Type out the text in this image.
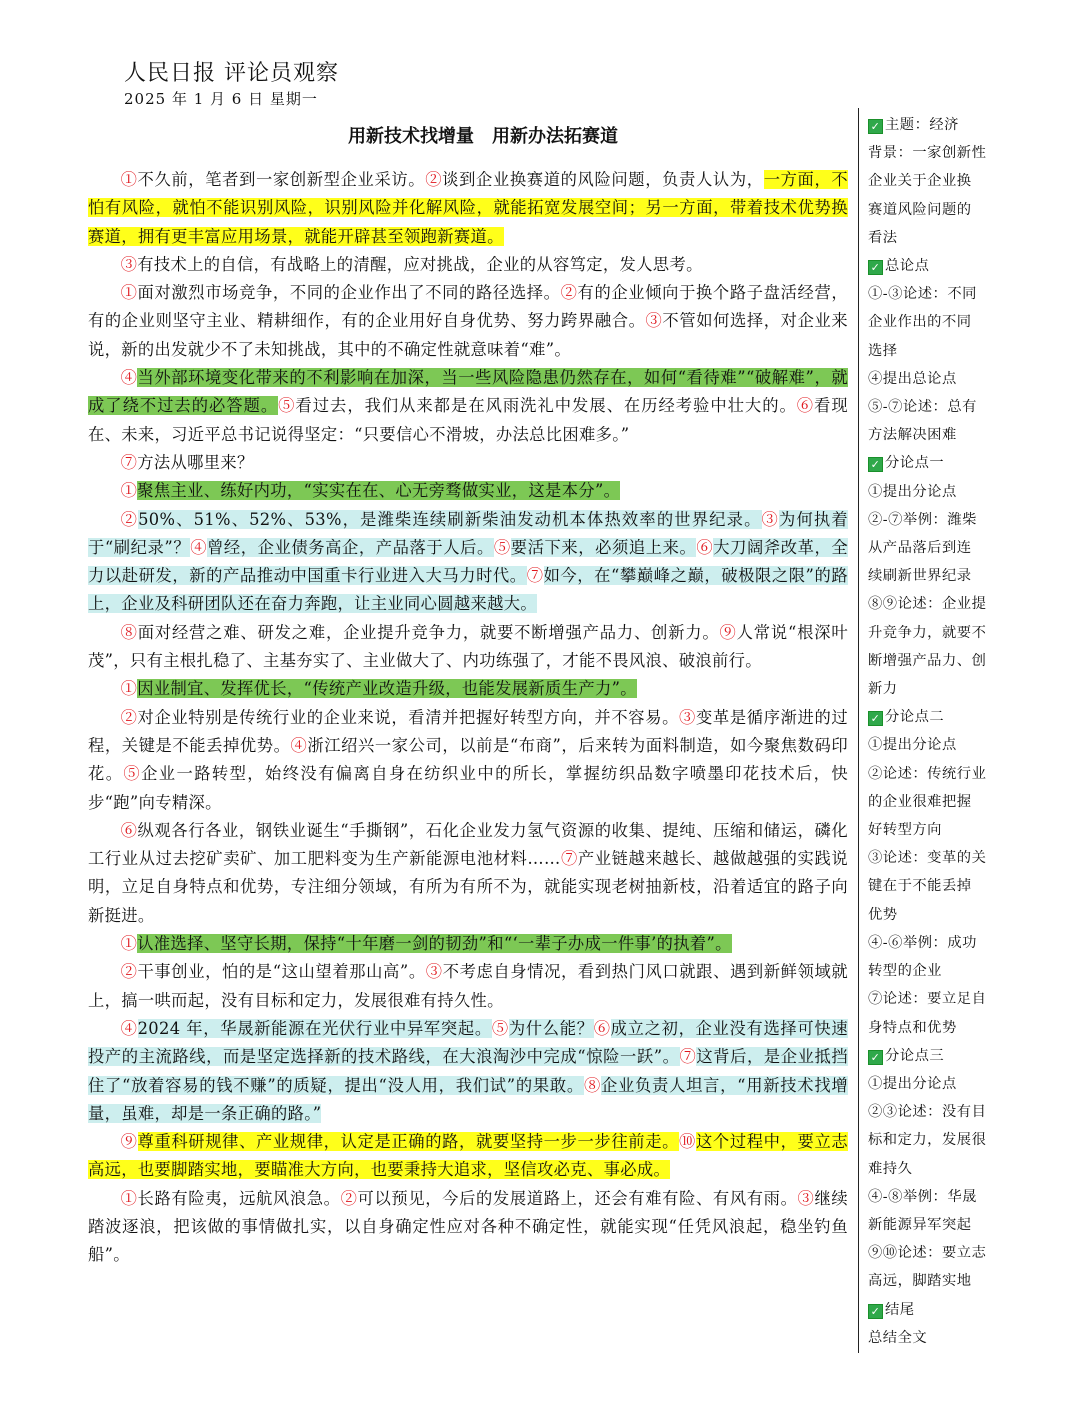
人民日报 评论员观察
2025 年 1 月 6 日 星期一
用新技术找增量　用新办法拓赛道

①不久前，笔者到一家创新型企业采访。②谈到企业换赛道的风险问题，负责人认为，一方面，不怕有风险，就怕不能识别风险，识别风险并化解风险，就能拓宽发展空间；另一方面，带着技术优势换赛道，拥有更丰富应用场景，就能开辟甚至领跑新赛道。

③有技术上的自信，有战略上的清醒，应对挑战，企业的从容笃定，发人思考。

①面对激烈市场竞争，不同的企业作出了不同的路径选择。②有的企业倾向于换个路子盘活经营，有的企业则坚守主业、精耕细作，有的企业用好自身优势、努力跨界融合。③不管如何选择，对企业来说，新的出发就少不了未知挑战，其中的不确定性就意味着“难”。

④当外部环境变化带来的不利影响在加深，当一些风险隐患仍然存在，如何“看待难”“破解难”，就成了绕不过去的必答题。⑤看过去，我们从来都是在风雨洗礼中发展、在历经考验中壮大的。⑥看现在、未来，习近平总书记说得坚定：“只要信心不滑坡，办法总比困难多。”

⑦方法从哪里来？

①聚焦主业、练好内功，“实实在在、心无旁骛做实业，这是本分”。

②50%、51%、52%、53%，是潍柴连续刷新柴油发动机本体热效率的世界纪录。③为何执着于“刷纪录”？④曾经，企业债务高企，产品落于人后。⑤要活下来，必须追上来。⑥大刀阔斧改革，全力以赴研发，新的产品推动中国重卡行业进入大马力时代。⑦如今，在“攀巅峰之巅，破极限之限”的路上，企业及科研团队还在奋力奔跑，让主业同心圆越来越大。

⑧面对经营之难、研发之难，企业提升竞争力，就要不断增强产品力、创新力。⑨人常说“根深叶茂”，只有主根扎稳了、主基夯实了、主业做大了、内功练强了，才能不畏风浪、破浪前行。

①因业制宜、发挥优长，“传统产业改造升级，也能发展新质生产力”。

②对企业特别是传统行业的企业来说，看清并把握好转型方向，并不容易。③变革是循序渐进的过程，关键是不能丢掉优势。④浙江绍兴一家公司，以前是“布商”，后来转为面料制造，如今聚焦数码印花。⑤企业一路转型，始终没有偏离自身在纺织业中的所长，掌握纺织品数字喷墨印花技术后，快步“跑”向专精深。

⑥纵观各行各业，钢铁业诞生“手撕钢”，石化企业发力氢气资源的收集、提纯、压缩和储运，磷化工行业从过去挖矿卖矿、加工肥料变为生产新能源电池材料……⑦产业链越来越长、越做越强的实践说明，立足自身特点和优势，专注细分领域，有所为有所不为，就能实现老树抽新枝，沿着适宜的路子向新挺进。

①认准选择、坚守长期，保持“十年磨一剑的韧劲”和“‘一辈子办成一件事’的执着”。

②干事创业，怕的是“这山望着那山高”。③不考虑自身情况，看到热门风口就跟、遇到新鲜领域就上，搞一哄而起，没有目标和定力，发展很难有持久性。

④2024 年，华晟新能源在光伏行业中异军突起。⑤为什么能？⑥成立之初，企业没有选择可快速投产的主流路线，而是坚定选择新的技术路线，在大浪淘沙中完成“惊险一跃”。⑦这背后，是企业抵挡住了“放着容易的钱不赚”的质疑，提出“没人用，我们试”的果敢。⑧企业负责人坦言，“用新技术找增量，虽难，却是一条正确的路。”

⑨尊重科研规律、产业规律，认定是正确的路，就要坚持一步一步往前走。⑩这个过程中，要立志高远，也要脚踏实地，要瞄准大方向，也要秉持大追求，坚信攻必克、事必成。

①长路有险夷，远航风浪急。②可以预见，今后的发展道路上，还会有难有险、有风有雨。③继续踏波逐浪，把该做的事情做扎实，以自身确定性应对各种不确定性，就能实现“任凭风浪起，稳坐钓鱼船”。

✓ 主题：经济
背景：一家创新性
企业关于企业换
赛道风险问题的
看法
✓ 总论点
①-③论述：不同
企业作出的不同
选择
④提出总论点
⑤-⑦论述：总有
方法解决困难
✓ 分论点一
①提出分论点
②-⑦举例：潍柴
从产品落后到连
续刷新世界纪录
⑧⑨论述：企业提
升竞争力，就要不
断增强产品力、创
新力
✓ 分论点二
①提出分论点
②论述：传统行业
的企业很难把握
好转型方向
③论述：变革的关
键在于不能丢掉
优势
④-⑥举例：成功
转型的企业
⑦论述：要立足自
身特点和优势
✓ 分论点三
①提出分论点
②③论述：没有目
标和定力，发展很
难持久
④-⑧举例：华晟
新能源异军突起
⑨⑩论述：要立志
高远，脚踏实地
✓ 结尾
总结全文
